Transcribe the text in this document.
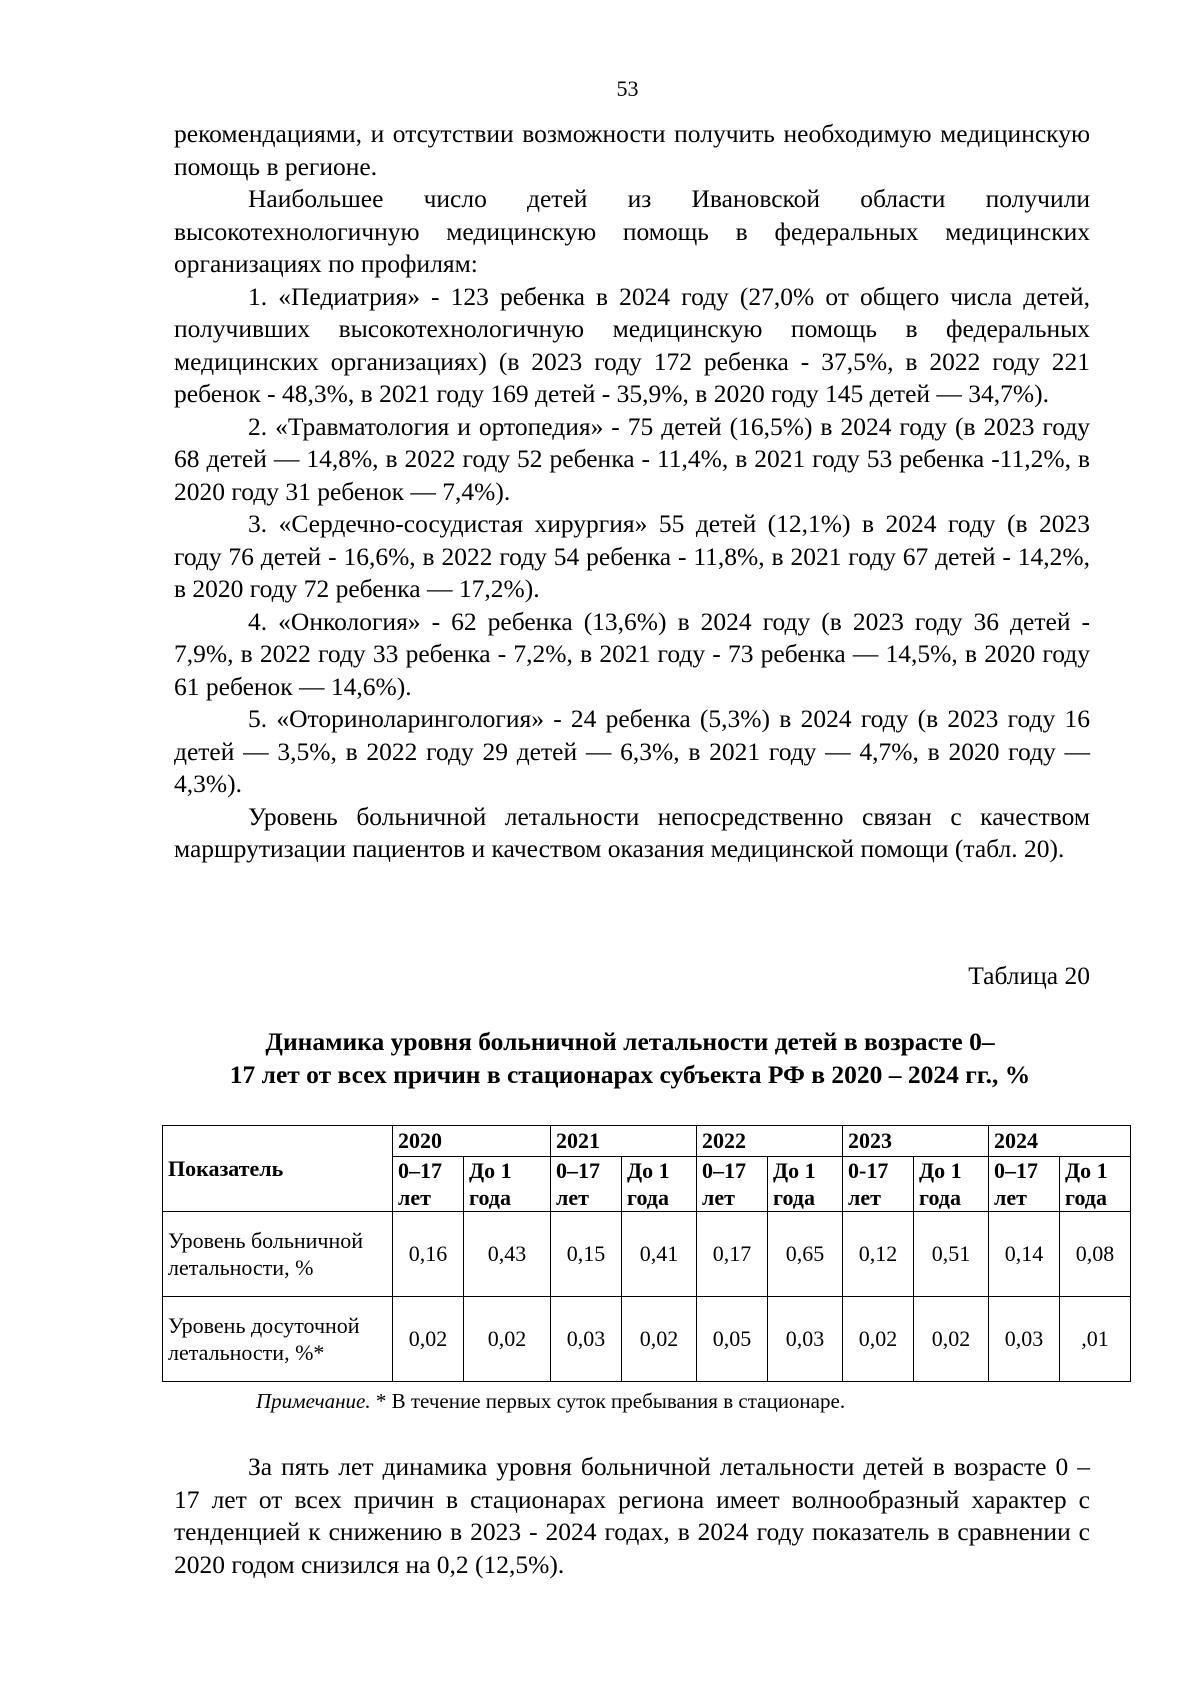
53

рекомендациями, и отсутствии возможности получить необходимую медицинскую помощь в регионе.

Наибольшее число детей из Ивановской области получили высокотехнологичную медицинскую помощь в федеральных медицинских организациях по профилям:

1. «Педиатрия» - 123 ребенка в 2024 году (27,0% от общего числа детей, получивших высокотехнологичную медицинскую помощь в федеральных медицинских организациях) (в 2023 году 172 ребенка - 37,5%, в 2022 году 221 ребенок - 48,3%, в 2021 году 169 детей - 35,9%, в 2020 году 145 детей — 34,7%).

2. «Травматология и ортопедия» - 75 детей (16,5%) в 2024 году (в 2023 году 68 детей — 14,8%, в 2022 году 52 ребенка - 11,4%, в 2021 году 53 ребенка -11,2%, в 2020 году 31 ребенок — 7,4%).

3. «Сердечно-сосудистая хирургия» 55 детей (12,1%) в 2024 году (в 2023 году 76 детей - 16,6%, в 2022 году 54 ребенка - 11,8%, в 2021 году 67 детей - 14,2%, в 2020 году 72 ребенка — 17,2%).

4. «Онкология» - 62 ребенка (13,6%) в 2024 году (в 2023 году 36 детей - 7,9%, в 2022 году 33 ребенка - 7,2%, в 2021 году - 73 ребенка — 14,5%, в 2020 году 61 ребенок — 14,6%).

5. «Оториноларингология» - 24 ребенка (5,3%) в 2024 году (в 2023 году 16 детей — 3,5%, в 2022 году 29 детей — 6,3%, в 2021 году — 4,7%, в 2020 году — 4,3%).

Уровень больничной летальности непосредственно связан с качеством маршрутизации пациентов и качеством оказания медицинской помощи (табл. 20).

Таблица 20
Динамика уровня больничной летальности детей в возрасте 0–
17 лет от всех причин в стационарах субъекта РФ в 2020 – 2024 гг., %
Показатель	2020		2021		2022		2023		2024	
	0–17 лет	До 1 года	0–17 лет	До 1 года	0–17 лет	До 1 года	0-17 лет	До 1 года	0–17 лет	До 1 года
Уровень больничной летальности, %	0,16	0,43	0,15	0,41	0,17	0,65	0,12	0,51	0,14	0,08
Уровень досуточной летальности, %*	0,02	0,02	0,03	0,02	0,05	0,03	0,02	0,02	0,03	,01
Примечание. * В течение первых суток пребывания в стационаре.

За пять лет динамика уровня больничной летальности детей в возрасте 0 – 17 лет от всех причин в стационарах региона имеет волнообразный характер с тенденцией к снижению в 2023 - 2024 годах, в 2024 году показатель в сравнении с 2020 годом снизился на 0,2 (12,5%).
